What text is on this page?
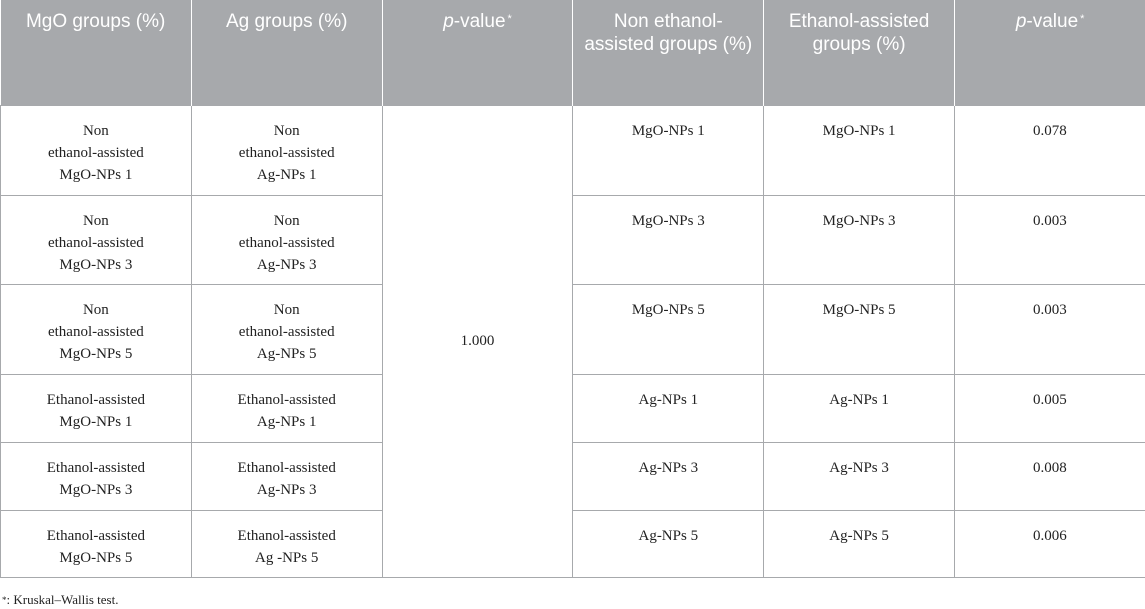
MgO groups (%)	Ag groups (%)	p-value *	Non ethanol-assisted groups (%)	Ethanol-assisted groups (%)	p-value *

Non
ethanol-assisted
MgO-NPs 1	Non
ethanol-assisted
Ag-NPs 1	1.000	MgO-NPs 1	MgO-NPs 1	0.078

Non
ethanol-assisted
MgO-NPs 3	Non
ethanol-assisted
Ag-NPs 3		MgO-NPs 3	MgO-NPs 3	0.003

Non
ethanol-assisted
MgO-NPs 5	Non
ethanol-assisted
Ag-NPs 5		MgO-NPs 5	MgO-NPs 5	0.003

Ethanol-assisted
MgO-NPs 1	Ethanol-assisted
Ag-NPs 1		Ag-NPs 1	Ag-NPs 1	0.005

Ethanol-assisted
MgO-NPs 3	Ethanol-assisted
Ag-NPs 3		Ag-NPs 3	Ag-NPs 3	0.008

Ethanol-assisted
MgO-NPs 5	Ethanol-assisted
Ag -NPs 5		Ag-NPs 5	Ag-NPs 5	0.006
*: Kruskal–Wallis test.
